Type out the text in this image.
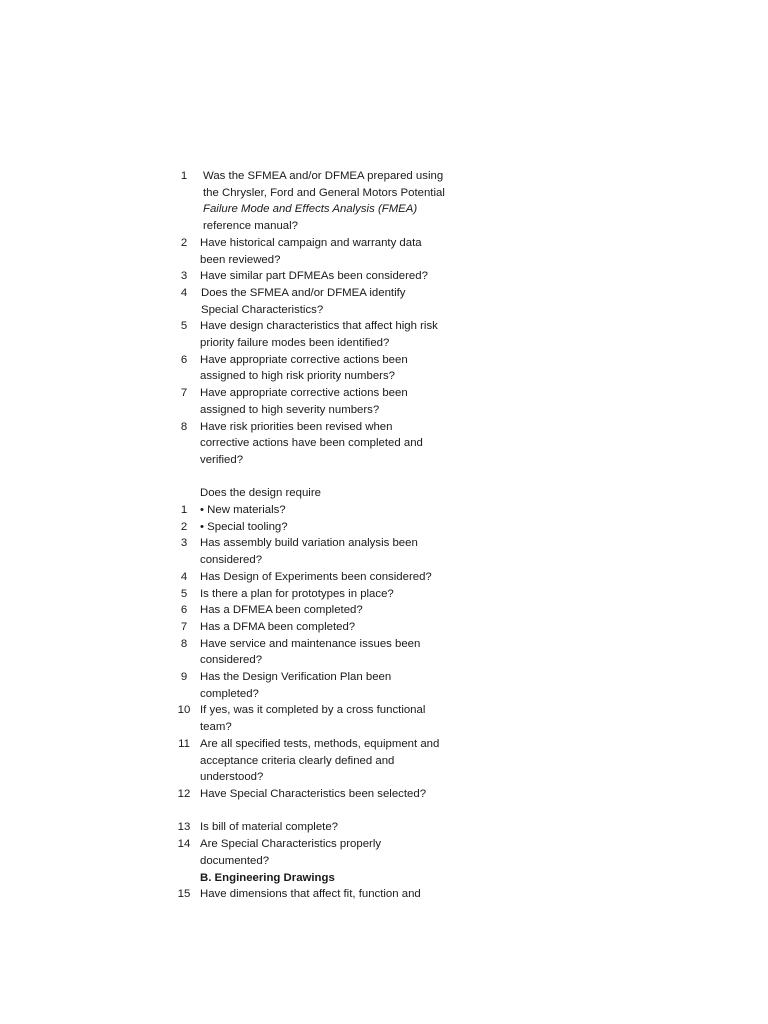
1	Was the SFMEA and/or DFMEA prepared using
the Chrysler, Ford and General Motors Potential
Failure Mode and Effects Analysis (FMEA)
reference manual?
2	Have historical campaign and warranty data
been reviewed?
3	Have similar part DFMEAs been considered?
4	Does the SFMEA and/or DFMEA identify
Special Characteristics?
5	Have design characteristics that affect high risk
priority failure modes been identified?
6	Have appropriate corrective actions been
assigned to high risk priority numbers?
7	Have appropriate corrective actions been
assigned to high severity numbers?
8	Have risk priorities been revised when
corrective actions have been completed and
verified?
Does the design require
1	• New materials?
2	• Special tooling?
3	Has assembly build variation analysis been
considered?
4	Has Design of Experiments been considered?
5	Is there a plan for prototypes in place?
6	Has a DFMEA been completed?
7	Has a DFMA been completed?
8	Have service and maintenance issues been
considered?
9	Has the Design Verification Plan been
completed?
10 If yes, was it completed by a cross functional
team?
11 Are all specified tests, methods, equipment and
acceptance criteria clearly defined and
understood?
12 Have Special Characteristics been selected?
13 Is bill of material complete?
14 Are Special Characteristics properly
documented?
B. Engineering Drawings
15 Have dimensions that affect fit, function and
